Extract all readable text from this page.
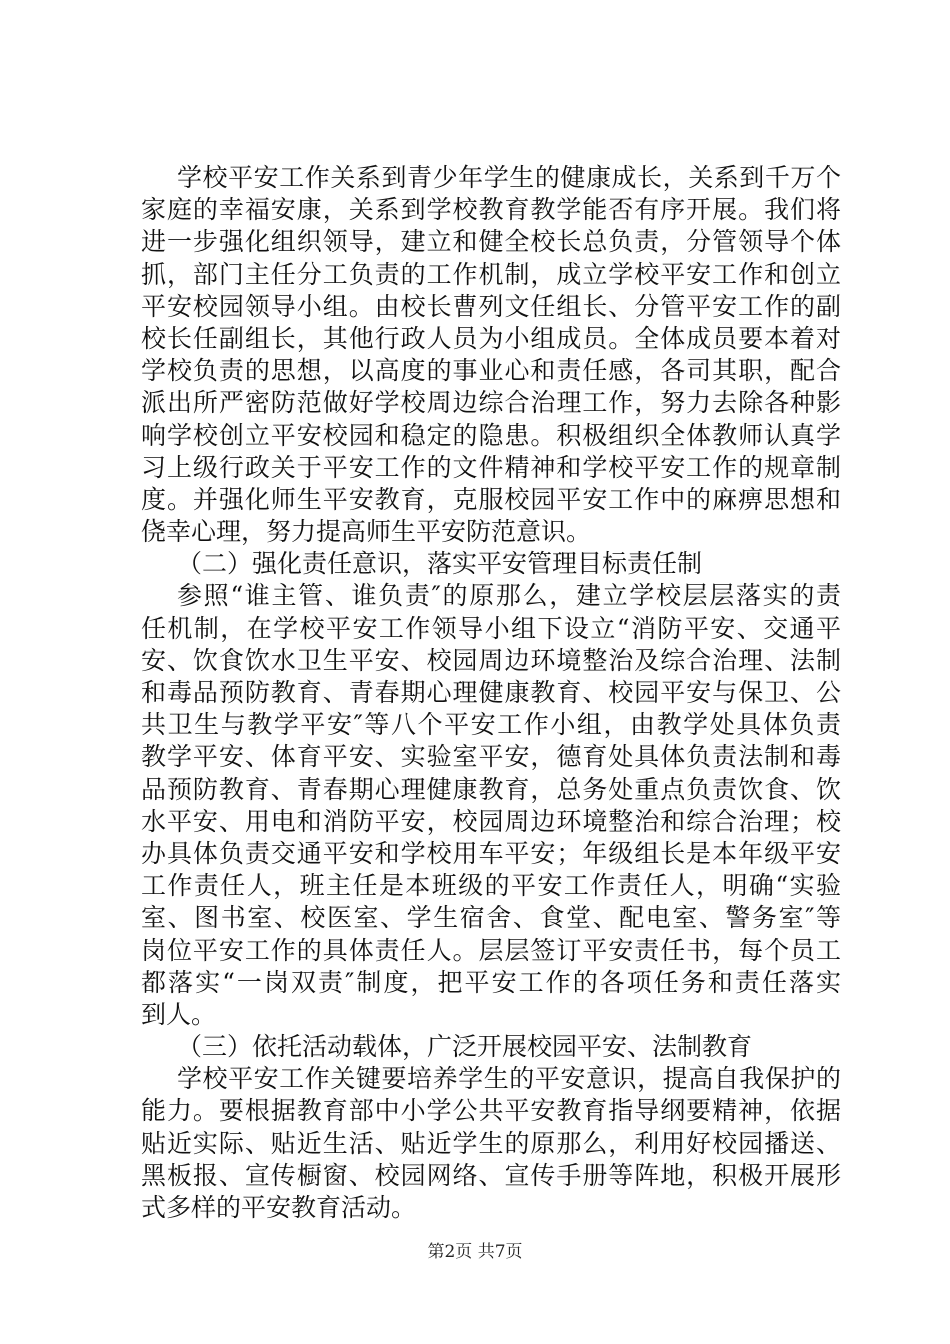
学校平安工作关系到青少年学生的健康成长，关系到千万个
家庭的幸福安康，关系到学校教育教学能否有序开展。我们将
进一步强化组织领导，建立和健全校长总负责，分管领导个体
抓，部门主任分工负责的工作机制，成立学校平安工作和创立
平安校园领导小组。由校长曹列文任组长、分管平安工作的副
校长任副组长，其他行政人员为小组成员。全体成员要本着对
学校负责的思想，以高度的事业心和责任感，各司其职，配合
派出所严密防范做好学校周边综合治理工作，努力去除各种影
响学校创立平安校园和稳定的隐患。积极组织全体教师认真学
习上级行政关于平安工作的文件精神和学校平安工作的规章制
度。并强化师生平安教育，克服校园平安工作中的麻痹思想和
侥幸心理，努力提高师生平安防范意识。
（二）强化责任意识，落实平安管理目标责任制
参照“谁主管、谁负责″的原那么，建立学校层层落实的责
任机制，在学校平安工作领导小组下设立“消防平安、交通平
安、饮食饮水卫生平安、校园周边环境整治及综合治理、法制
和毒品预防教育、青春期心理健康教育、校园平安与保卫、公
共卫生与教学平安″等八个平安工作小组，由教学处具体负责
教学平安、体育平安、实验室平安，德育处具体负责法制和毒
品预防教育、青春期心理健康教育，总务处重点负责饮食、饮
水平安、用电和消防平安，校园周边环境整治和综合治理；校
办具体负责交通平安和学校用车平安；年级组长是本年级平安
工作责任人，班主任是本班级的平安工作责任人，明确“实验
室、图书室、校医室、学生宿舍、食堂、配电室、警务室″等
岗位平安工作的具体责任人。层层签订平安责任书，每个员工
都落实“一岗双责″制度，把平安工作的各项任务和责任落实
到人。
（三）依托活动载体，广泛开展校园平安、法制教育
学校平安工作关键要培养学生的平安意识，提高自我保护的
能力。要根据教育部中小学公共平安教育指导纲要精神，依据
贴近实际、贴近生活、贴近学生的原那么，利用好校园播送、
黑板报、宣传橱窗、校园网络、宣传手册等阵地，积极开展形
式多样的平安教育活动。
第2页 共7页
